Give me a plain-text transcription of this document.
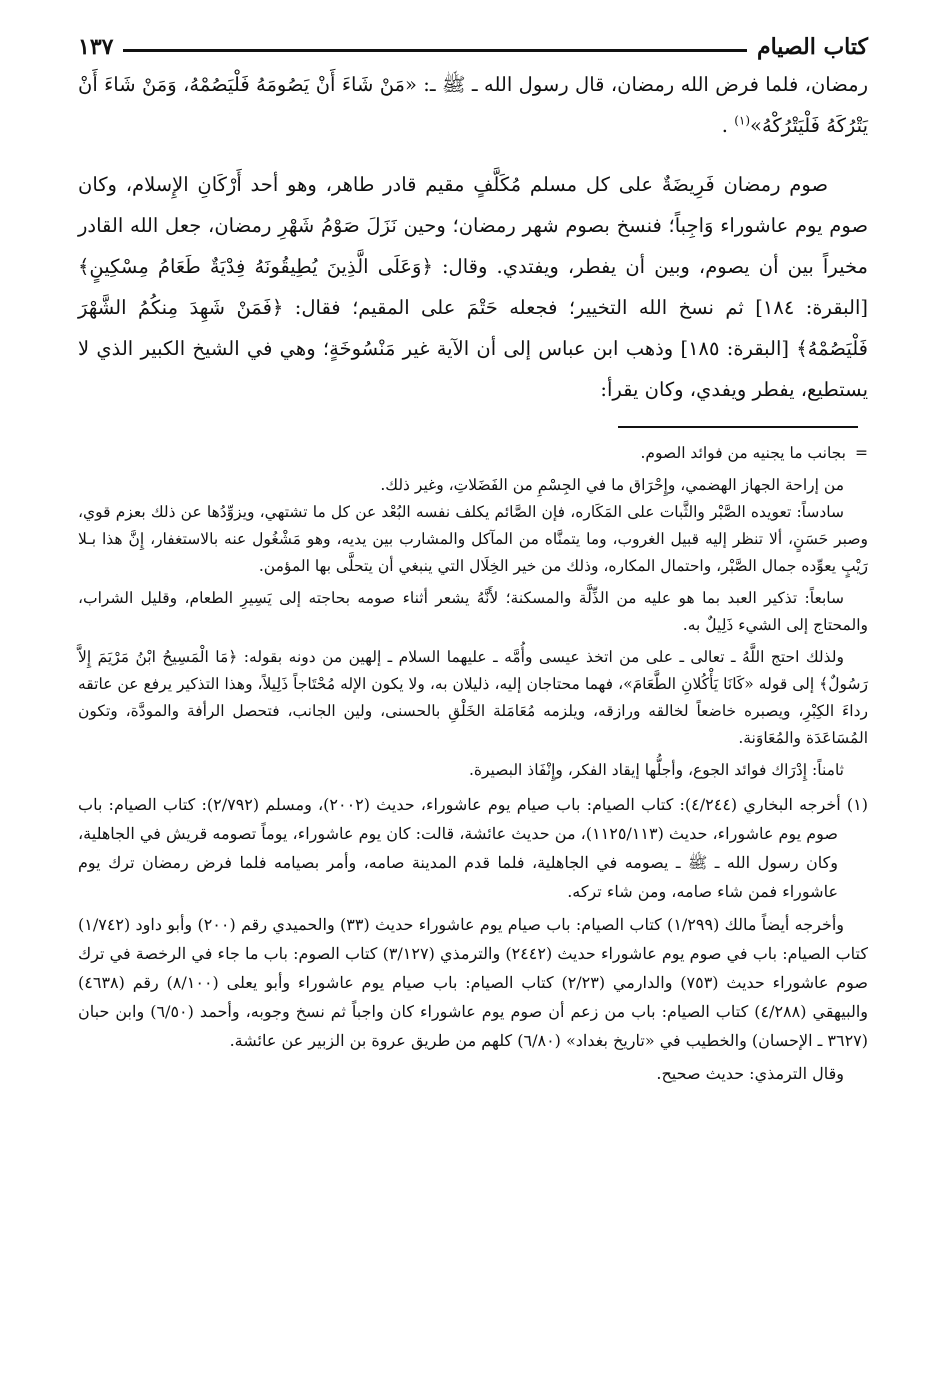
كتاب الصيام
١٣٧

رمضان، فلما فرض الله رمضان، قال رسول الله ـ ﷺ ـ: «مَنْ شَاءَ أَنْ يَصُومَهُ فَلْيَصُمْهُ، وَمَنْ شَاءَ أَنْ يَتْرُكَهُ فَلْيَتْرُكْهُ»$^{(١)}$ .

صوم رمضان فَرِيضَةٌ على كل مسلم مُكَلَّفٍ مقيم قادر طاهر، وهو أحد أَرْكَانِ الإِسلام، وكان صوم يوم عاشوراء وَاجِباً؛ فنسخ بصوم شهر رمضان؛ وحين نَزَلَ صَوْمُ شَهْرِ رمضان، جعل الله القادر مخيراً بين أن يصوم، وبين أن يفطر، ويفتدي. وقال: ﴿وَعَلَى الَّذِينَ يُطِيقُونَهُ فِدْيَةٌ طَعَامُ مِسْكِينٍ﴾ [البقرة: ١٨٤] ثم نسخ الله التخيير؛ فجعله حَتْمَ على المقيم؛ فقال: ﴿فَمَنْ شَهِدَ مِنكُمُ الشَّهْرَ فَلْيَصُمْهُ﴾ [البقرة: ١٨٥] وذهب ابن عباس إلى أن الآية غير مَنْسُوخَةٍ؛ وهي في الشيخ الكبير الذي لا يستطيع، يفطر ويفدي، وكان يقرأ:

=بجانب ما يجنيه من فوائد الصوم.

من إراحة الجهاز الهضمي، وإِحْرَاق ما في الجِسْمِ من الفَضَلاتِ، وغير ذلك.

سادساً: تعويده الصَّبْر والثَّبات على المَكَاره، فإن الصَّائم يكلف نفسه البُعْد عن كل ما تشتهي، ويزوِّدُها عن ذلك بعزم قوي، وصبر حَسَنٍ، ألا تنظر إليه قبيل الغروب، وما يتمنَّاه من المآكل والمشارب بين يديه، وهو مَشْغُول عنه بالاستغفار، إِنَّ هذا بـلا رَيْبٍ يعوِّده جمال الصَّبْر، واحتمال المكاره، وذلك من خير الخِلَال التي ينبغي أن يتحلَّى بها المؤمن.

سابعاً: تذكير العبد بما هو عليه من الذِّلَّة والمسكنة؛ لأَنَّهُ يشعر أثناء صومه بحاجته إلى يَسِيرِ الطعام، وقليل الشراب، والمحتاج إلى الشيء ذَلِيلٌ به.

ولذلك احتج اللَّهُ ـ تعالى ـ على من اتخذ عيسى وأُمَّه ـ عليهما السلام ـ إلهين من دونه بقوله: ﴿مَا الْمَسِيحُ ابْنُ مَرْيَمَ إِلاَّ رَسُولٌ﴾ إلى قوله «كَانَا يَأْكُلانِ الطَّعَامَ»، فهما محتاجان إليه، ذليلان به، ولا يكون الإله مُحْتَاجاً ذَلِيلاً، وهذا التذكير يرفع عن عاتقه رداءَ الكِبْرِ، ويصبره خاضعاً لخالقه ورازقه، ويلزمه مُعَامَلة الخَلْقِ بالحسنى، ولين الجانب، فتحصل الرأفة والمودَّة، وتكون المُسَاعَدَة والمُعَاوَنة.

ثامناً: إِدْرَاك فوائد الجوع، وأجلُّها إيقاد الفكر، وإِنْفَاذ البصيرة.

(١) أخرجه البخاري (٤/٢٤٤): كتاب الصيام: باب صيام يوم عاشوراء، حديث (٢٠٠٢)، ومسلم (٢/٧٩٢): كتاب الصيام: باب صوم يوم عاشوراء، حديث (١١٢٥/١١٣)، من حديث عائشة، قالت: كان يوم عاشوراء، يوماً تصومه قريش في الجاهلية، وكان رسول الله ـ ﷺ ـ يصومه في الجاهلية، فلما قدم المدينة صامه، وأمر بصيامه فلما فرض رمضان ترك يوم عاشوراء فمن شاء صامه، ومن شاء تركه.

وأخرجه أيضاً مالك (١/٢٩٩) كتاب الصيام: باب صيام يوم عاشوراء حديث (٣٣) والحميدي رقم (٢٠٠) وأبو داود (١/٧٤٢) كتاب الصيام: باب في صوم يوم عاشوراء حديث (٢٤٤٢) والترمذي (٣/١٢٧) كتاب الصوم: باب ما جاء في الرخصة في ترك صوم عاشوراء حديث (٧٥٣) والدارمي (٢/٢٣) كتاب الصيام: باب صيام يوم عاشوراء وأبو يعلى (٨/١٠٠) رقم (٤٦٣٨) والبيهقي (٤/٢٨٨) كتاب الصيام: باب من زعم أن صوم يوم عاشوراء كان واجباً ثم نسخ وجوبه، وأحمد (٦/٥٠) وابن حبان (٣٦٢٧ ـ الإحسان) والخطيب في «تاريخ بغداد» (٦/٨٠) كلهم من طريق عروة بن الزبير عن عائشة.

وقال الترمذي: حديث صحيح.
